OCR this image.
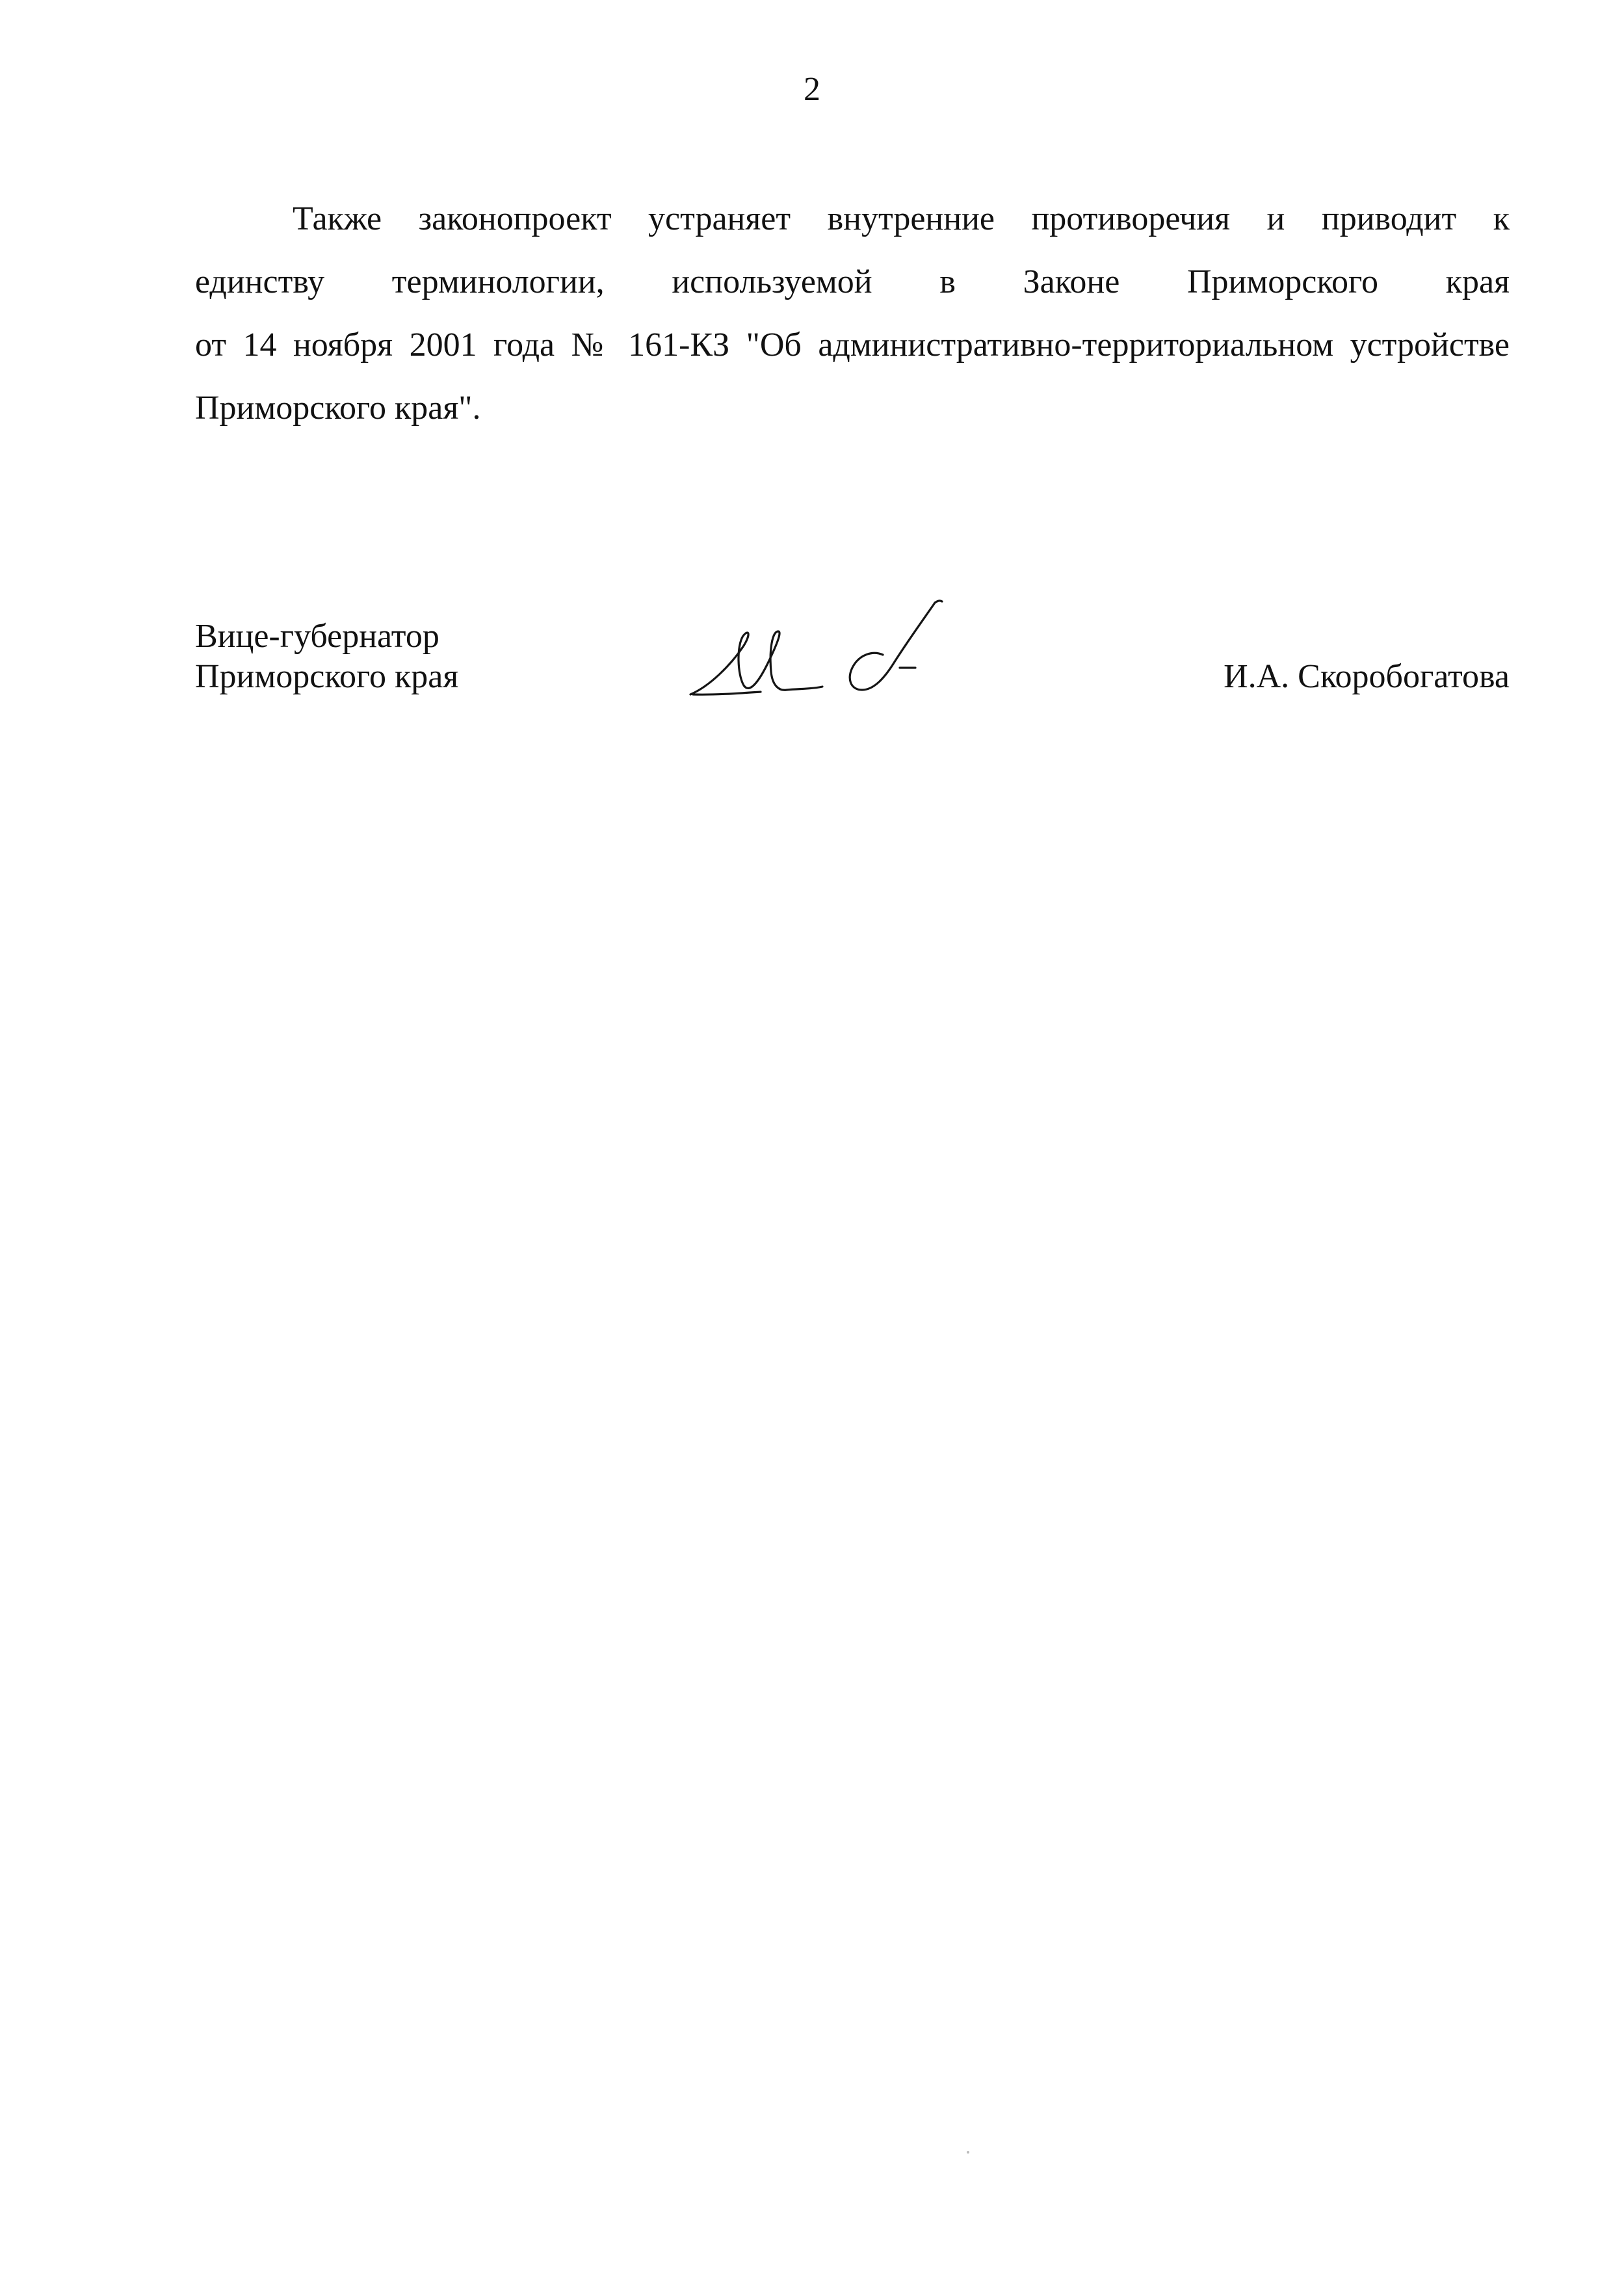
2
Также законопроект устраняет внутренние противоречия и приводит к
единству терминологии, используемой в Законе Приморского края
от 14 ноября 2001 года № 161-КЗ "Об административно-территориальном устройстве
Приморского края".
Вице-губернатор
Приморского края	И.А. Скоробогатова
